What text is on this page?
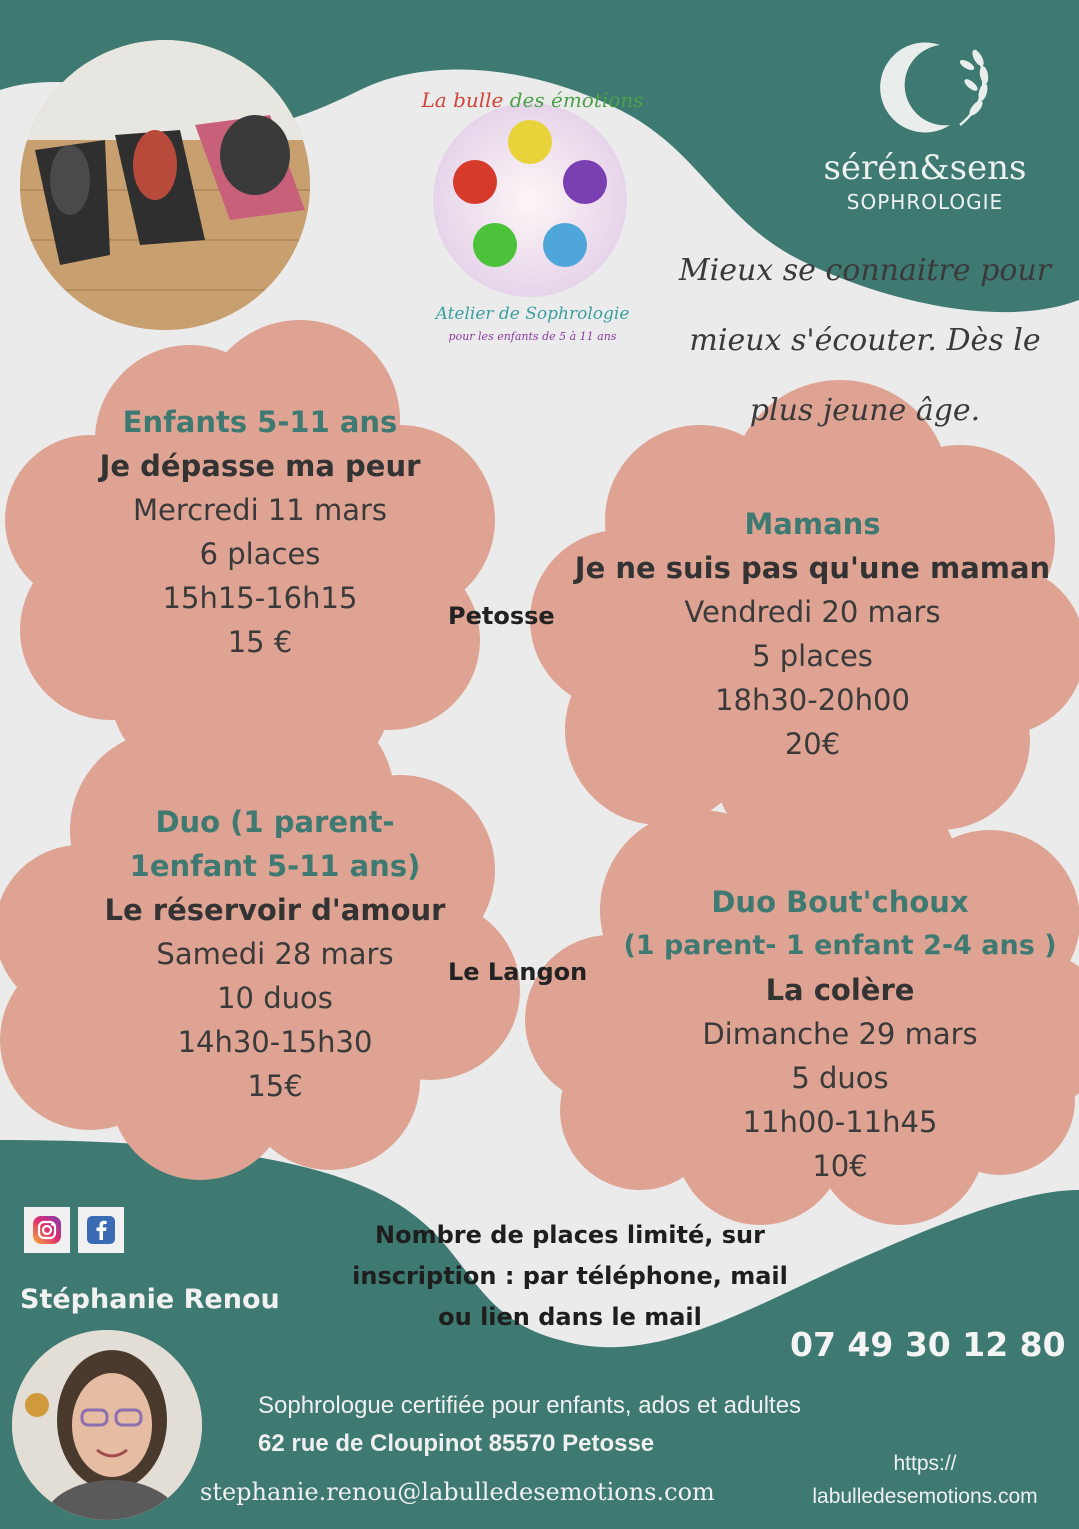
La bulle des émotions
Atelier de Sophrologie
pour les enfants de 5 à 11 ans
sérén&sens
SOPHROLOGIE
Mieux se connaitre pour
mieux s'écouter. Dès le
plus jeune âge.
Enfants 5-11 ans
Je dépasse ma peur
Mercredi 11 mars
6 places
15h15-16h15
15 €
Mamans
Je ne suis pas qu'une maman
Vendredi 20 mars
5 places
18h30-20h00
20€
Duo (1 parent-
1enfant 5-11 ans)
Le réservoir d'amour
Samedi 28 mars
10 duos
14h30-15h30
15€
Duo Bout'choux
(1 parent- 1 enfant 2-4 ans )
La colère
Dimanche 29 mars
5 duos
11h00-11h45
10€
Petosse
Le Langon
Stéphanie Renou
Nombre de places limité, sur
inscription : par téléphone, mail
ou lien dans le mail
07 49 30 12 80
Sophrologue certifiée pour enfants, ados et adultes
62 rue de Cloupinot 85570 Petosse
stephanie.renou@labulledesemotions.com
https://
labulledesemotions.com
